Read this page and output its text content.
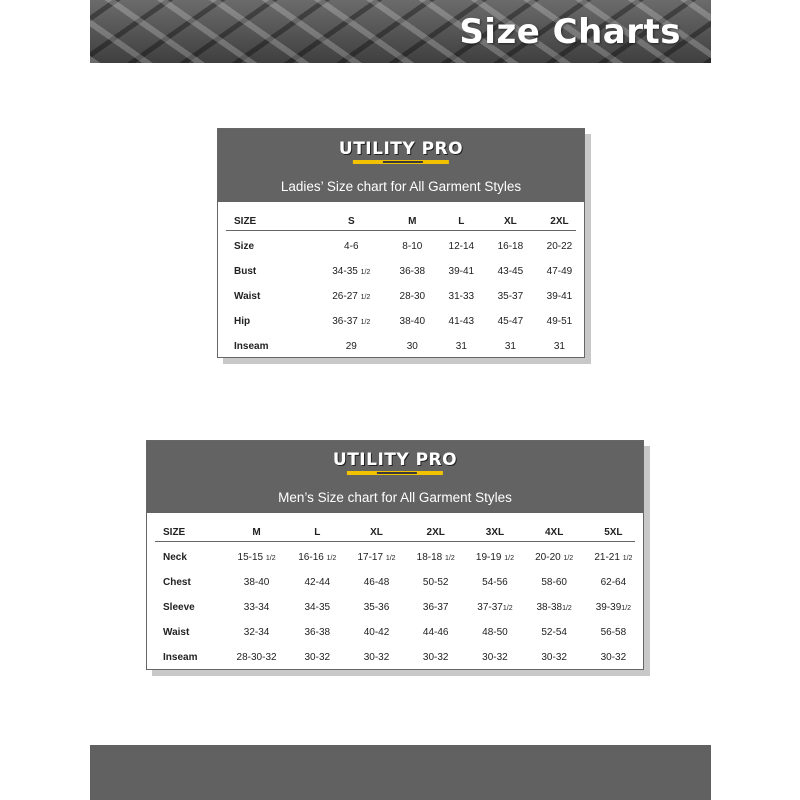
Size Charts
UTILITY PRO
Ladies’ Size chart for All Garment Styles
SIZE	S	M	L	XL	2XL
Size	4-6	8-10	12-14	16-18	20-22
Bust	34-35 1/2	36-38	39-41	43-45	47-49
Waist	26-27 1/2	28-30	31-33	35-37	39-41
Hip	36-37 1/2	38-40	41-43	45-47	49-51
Inseam	29	30	31	31	31
UTILITY PRO
Men’s Size chart for All Garment Styles
SIZE	M	L	XL	2XL	3XL	4XL	5XL
Neck	15-15 1/2	16-16 1/2	17-17 1/2	18-18 1/2	19-19 1/2	20-20 1/2	21-21 1/2
Chest	38-40	42-44	46-48	50-52	54-56	58-60	62-64
Sleeve	33-34	34-35	35-36	36-37	37-371/2	38-381/2	39-391/2
Waist	32-34	36-38	40-42	44-46	48-50	52-54	56-58
Inseam	28-30-32	30-32	30-32	30-32	30-32	30-32	30-32
